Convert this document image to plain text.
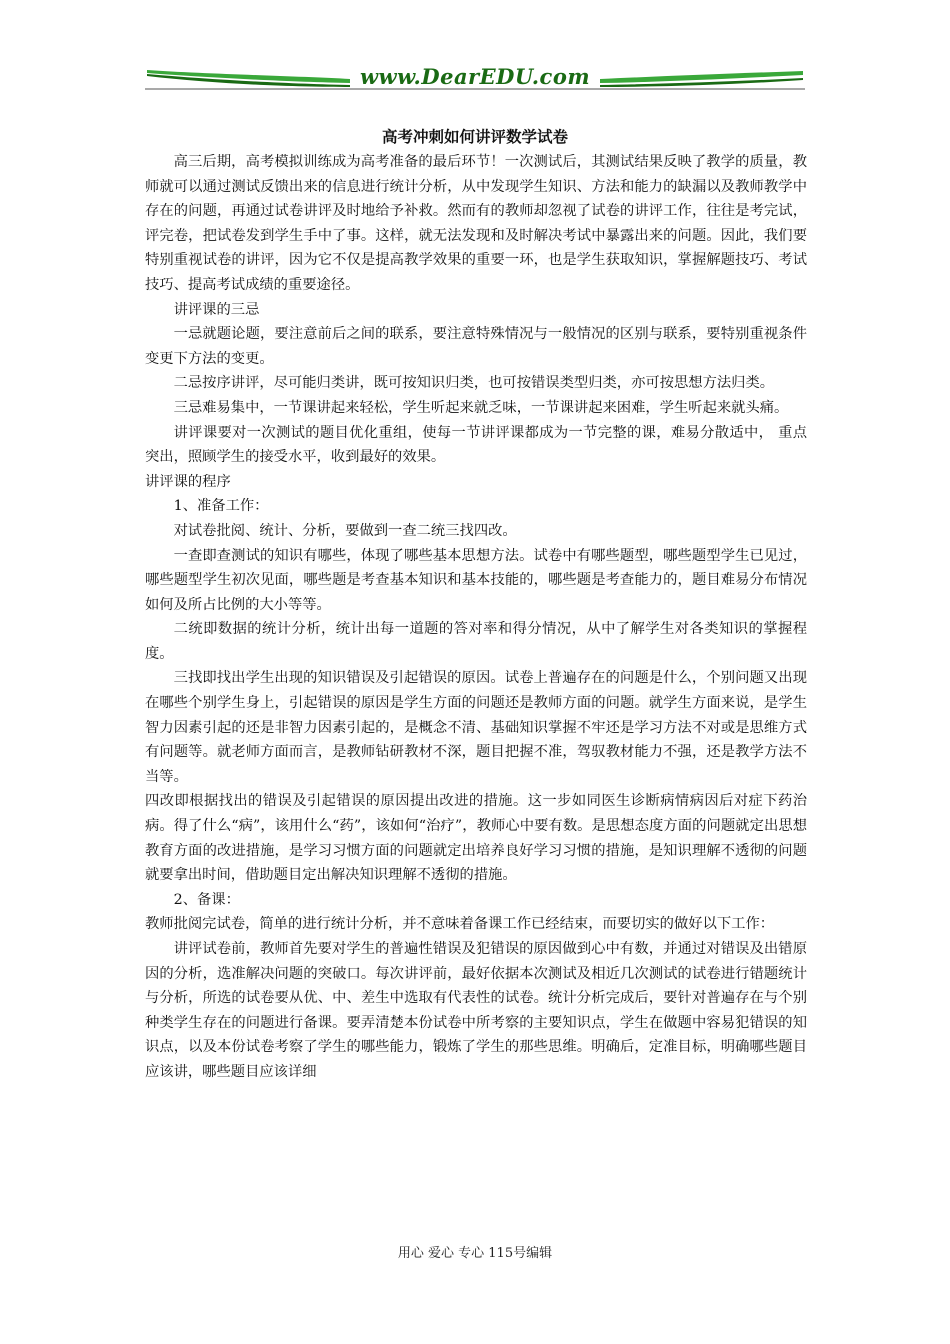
www.DearEDU.com
高考冲刺如何讲评数学试卷

高三后期，高考模拟训练成为高考准备的最后环节！一次测试后，其测试结果反映了教学的质量，教师就可以通过测试反馈出来的信息进行统计分析，从中发现学生知识、方法和能力的缺漏以及教师教学中存在的问题，再通过试卷讲评及时地给予补救。然而有的教师却忽视了试卷的讲评工作，往往是考完试，评完卷，把试卷发到学生手中了事。这样，就无法发现和及时解决考试中暴露出来的问题。因此，我们要特别重视试卷的讲评，因为它不仅是提高教学效果的重要一环，也是学生获取知识，掌握解题技巧、考试技巧、提高考试成绩的重要途径。

讲评课的三忌

一忌就题论题，要注意前后之间的联系，要注意特殊情况与一般情况的区别与联系，要特别重视条件变更下方法的变更。

二忌按序讲评，尽可能归类讲，既可按知识归类，也可按错误类型归类，亦可按思想方法归类。

三忌难易集中，一节课讲起来轻松，学生听起来就乏味，一节课讲起来困难，学生听起来就头痛。

讲评课要对一次测试的题目优化重组，使每一节讲评课都成为一节完整的课，难易分散适中， 重点突出，照顾学生的接受水平，收到最好的效果。

讲评课的程序

1、准备工作：

对试卷批阅、统计、分析，要做到一查二统三找四改。

一查即查测试的知识有哪些，体现了哪些基本思想方法。试卷中有哪些题型，哪些题型学生已见过，哪些题型学生初次见面，哪些题是考查基本知识和基本技能的，哪些题是考查能力的，题目难易分布情况如何及所占比例的大小等等。

二统即数据的统计分析，统计出每一道题的答对率和得分情况，从中了解学生对各类知识的掌握程度。

三找即找出学生出现的知识错误及引起错误的原因。试卷上普遍存在的问题是什么，个别问题又出现在哪些个别学生身上，引起错误的原因是学生方面的问题还是教师方面的问题。就学生方面来说，是学生智力因素引起的还是非智力因素引起的，是概念不清、基础知识掌握不牢还是学习方法不对或是思维方式有问题等。就老师方面而言，是教师钻研教材不深，题目把握不准，驾驭教材能力不强，还是教学方法不当等。

四改即根据找出的错误及引起错误的原因提出改进的措施。这一步如同医生诊断病情病因后对症下药治病。得了什么“病”，该用什么“药”，该如何“治疗”，教师心中要有数。是思想态度方面的问题就定出思想教育方面的改进措施，是学习习惯方面的问题就定出培养良好学习习惯的措施，是知识理解不透彻的问题就要拿出时间，借助题目定出解决知识理解不透彻的措施。

2、备课：

教师批阅完试卷，简单的进行统计分析，并不意味着备课工作已经结束，而要切实的做好以下工作：

讲评试卷前，教师首先要对学生的普遍性错误及犯错误的原因做到心中有数，并通过对错误及出错原因的分析，选准解决问题的突破口。每次讲评前，最好依据本次测试及相近几次测试的试卷进行错题统计与分析，所选的试卷要从优、中、差生中选取有代表性的试卷。统计分析完成后，要针对普遍存在与个别种类学生存在的问题进行备课。要弄清楚本份试卷中所考察的主要知识点，学生在做题中容易犯错误的知识点，以及本份试卷考察了学生的哪些能力，锻炼了学生的那些思维。明确后，定准目标，明确哪些题目应该讲，哪些题目应该详细

用心 爱心 专心 115号编辑
